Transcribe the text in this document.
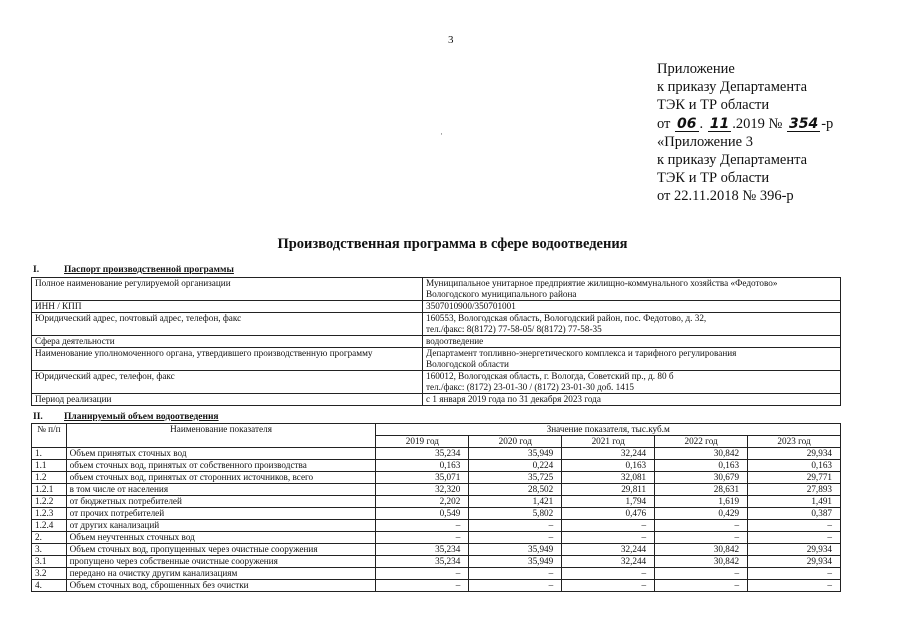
3
·
Приложение
к приказу Департамента
ТЭК и ТР области
от 06 . 11 .2019 № 354 -р
«Приложение 3
к приказу Департамента
ТЭК и ТР области
от 22.11.2018 № 396-р
Производственная программа в сфере водоотведения
I.	Паспорт производственной программы
Полное наименование регулируемой организации	Муниципальное унитарное предприятие жилищно-коммунального хозяйства «Федотово»
Вологодского муниципального района

ИНН / КПП	3507010900/350701001

Юридический адрес, почтовый адрес, телефон, факс	160553, Вологодская область, Вологодский район, пос. Федотово, д. 32,
тел./факс: 8(8172) 77-58-05/ 8(8172) 77-58-35

Сфера деятельности	водоотведение

Наименование уполномоченного органа, утвердившего производственную программу	Департамент топливно-энергетического комплекса и тарифного регулирования
Вологодской области

Юридический адрес, телефон, факс	160012, Вологодская область, г. Вологда, Советский пр., д. 80 б
тел./факс: (8172) 23-01-30 / (8172) 23-01-30 доб. 1415

Период реализации	с 1 января 2019 года по 31 декабря 2023 года
II. Планируемый объем водоотведения
№ п/п	Наименование показателя	Значение показателя, тыс.куб.м				
		2019 год	2020 год	2021 год	2022 год	2023 год
1.	Объем принятых сточных вод	35,234	35,949	32,244	30,842	29,934
1.1	объем сточных вод, принятых от собственного производства	0,163	0,224	0,163	0,163	0,163
1.2	объем сточных вод, принятых от сторонних источников, всего	35,071	35,725	32,081	30,679	29,771
1.2.1	в том числе от населения	32,320	28,502	29,811	28,631	27,893
1.2.2	от бюджетных потребителей	2,202	1,421	1,794	1,619	1,491
1.2.3	от прочих потребителей	0,549	5,802	0,476	0,429	0,387
1.2.4	от других канализаций	–	–	–	–	–
2.	Объем неучтенных сточных вод	–	–	–	–	–
3.	Объем сточных вод, пропущенных через очистные сооружения	35,234	35,949	32,244	30,842	29,934
3.1	пропущено через собственные очистные сооружения	35,234	35,949	32,244	30,842	29,934
3.2	передано на очистку другим канализациям	–	–	–	–	–
4.	Объем сточных вод, сброшенных без очистки	–	–	–	–	–
